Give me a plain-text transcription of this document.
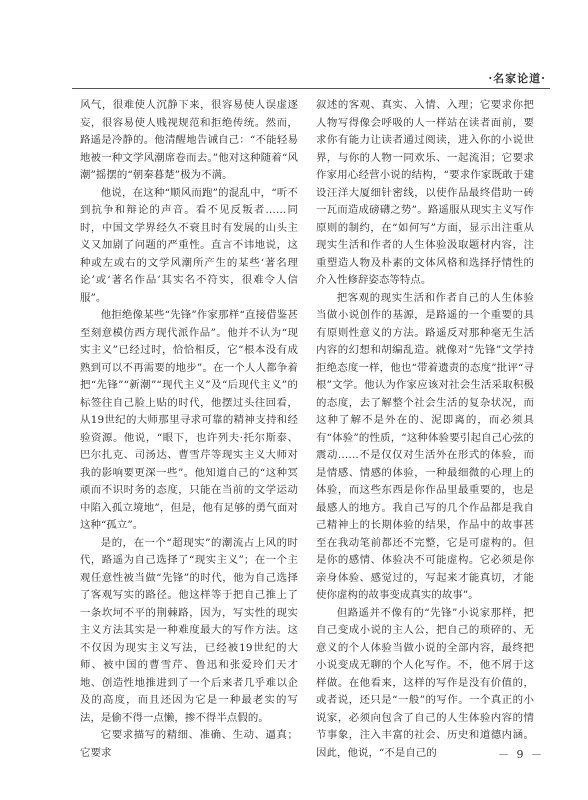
·名家论道·

风气，很难使人沉静下来，很容易使人误虚逐妄，很容易使人贱视规范和拒绝传统。然而，路遥是冷静的。他清醒地告诫自己：“不能轻易地被一种文学风潮席卷而去。”他对这种随着“风潮”摇摆的“朝秦暮楚”极为不满。

他说，在这种“顺风而跑”的混乱中，“听不到抗争和辩论的声音。看不见反叛者……同时，中国文学界经久不衰且时有发展的山头主义又加剧了问题的严重性。直言不讳地说，这种或左或右的文学风潮所产生的某些‘著名理论’或‘著名作品’其实名不符实，很难令人信服”。

他拒绝像某些“先锋”作家那样“直接借鉴甚至刻意模仿西方现代派作品”。他并不认为“现实主义”已经过时，恰恰相反，它“根本没有成熟到可以不再需要的地步”。在一个人人都争着把“先锋”“新潮”“现代主义”及“后现代主义”的标签往自己脸上贴的时代，他摆过头往回看，从19世纪的大师那里寻求可靠的精神支持和经验资源。他说，“眼下，也许列夫·托尔斯泰、巴尔扎克、司汤达、曹雪芹等现实主义大师对我的影响要更深一些”。他知道自己的“这种冥顽而不识时务的态度，只能在当前的文学运动中陷入孤立境地”，但是，他有足够的勇气面对这种“孤立”。

是的，在一个“超现实”的潮流占上风的时代，路遥为自己选择了“现实主义”；在一个主观任意性被当做“先锋”的时代，他为自己选择了客观写实的路径。他这样等于把自己推上了一条坎坷不平的荆棘路，因为，写实性的现实主义方法其实是一种难度最大的写作方法。这不仅因为现实主义写法，已经被19世纪的大师、被中国的曹雪芹、鲁迅和张爱玲们天才地、创造性地推进到了一个后来者几乎难以企及的高度，而且还因为它是一种最老实的写法，是偷不得一点懒，掺不得半点假的。

它要求描写的精细、准确、生动、逼真；它要求

叙述的客观、真实、入情、入理；它要求你把人物写得像会呼吸的人一样站在读者面前，要求你有能力让读者通过阅读，进入你的小说世界，与你的人物一同欢乐、一起流泪；它要求作家用心经营小说的结构，“要求作家既敢于建设汪洋大厦细针密线，以使作品最终借助一砖一瓦而造成磅礴之势”。路遥服从现实主义写作原则的制约，在“如何写”方面，显示出注重从现实生活和作者的人生体验汲取题材内容，注重塑造人物及朴素的文体风格和选择抒情性的介入性修辞姿态等特点。

把客观的现实生活和作者自己的人生体验当做小说创作的基源，是路遥的一个重要的具有原则性意义的方法。路遥反对那种毫无生活内容的幻想和胡编乱造。就像对“先锋”文学持拒绝态度一样，他也“带着遗责的态度”批评“寻根”文学。他认为作家应该对社会生活采取积极的态度，去了解整个社会生活的复杂状况，而这种了解不是外在的、泥即离的，而必须具有“体验”的性质，“这种体验要引起自己心弦的震动……不是仅仅对生活外在形式的体验，而是情感、情感的体验，一种最细微的心理上的体验，而这些东西是你作品里最重要的，也是最感人的地方。我自己写的几个作品都是我自己精神上的长期体验的结果，作品中的故事甚至在我动笔前都还不完整，它是可虚构的。但是你的感情、体验决不可能虚构。它必须是你亲身体验、感觉过的，写起来才能真切，才能使你虚构的故事变成真实的故事”。

但路遥并不像有的“先锋”小说家那样，把自己变成小说的主人公，把自己的琐碎的、无意义的个人体验当做小说的全部内容，最终把小说变成无聊的个人化写作。不，他不屑于这样做。在他看来，这样的写作是没有价值的，或者说，还只是“一般”的写作。一个真正的小说家，必须向包含了自己的人生体验内容的情节事象，注入丰富的社会、历史和道德内涵。因此，他说，“不是自己的	－ 9 －
